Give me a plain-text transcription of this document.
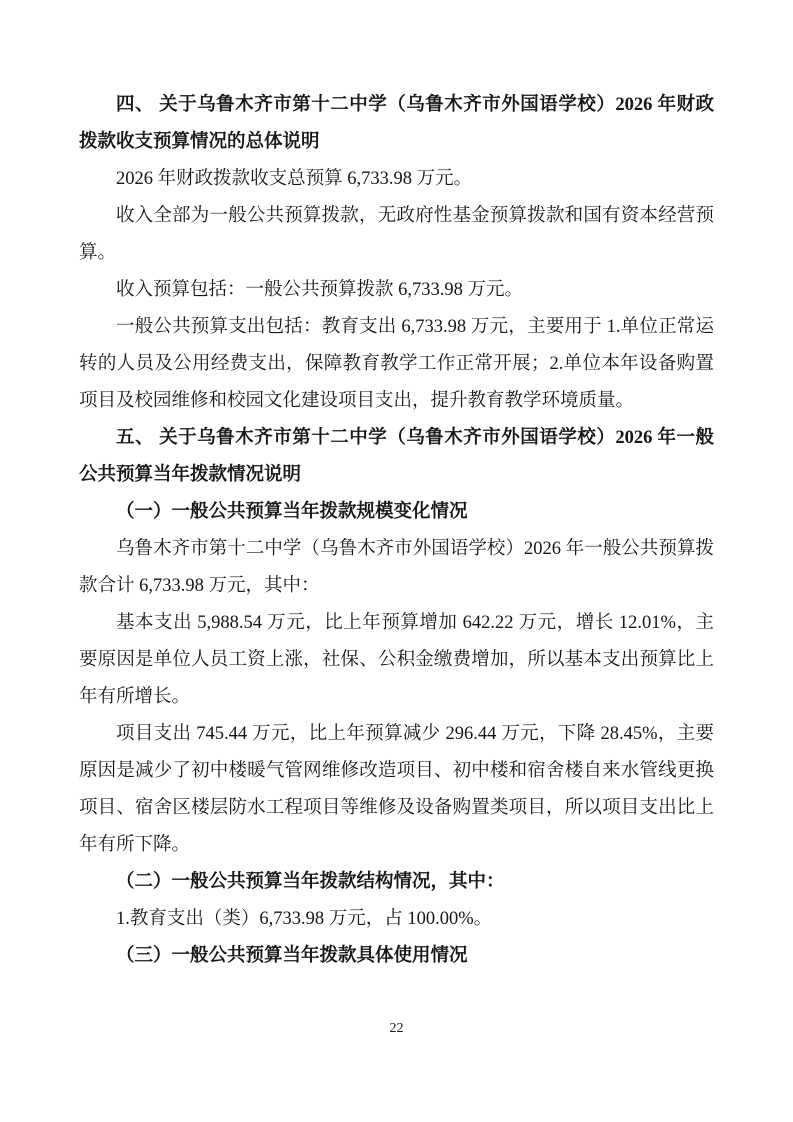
四、 关于乌鲁木齐市第十二中学（乌鲁木齐市外国语学校）2026 年财政拨款收支预算情况的总体说明
2026 年财政拨款收支总预算 6,733.98 万元。
收入全部为一般公共预算拨款，无政府性基金预算拨款和国有资本经营预算。
收入预算包括：一般公共预算拨款 6,733.98 万元。
一般公共预算支出包括：教育支出 6,733.98 万元，主要用于 1.单位正常运转的人员及公用经费支出，保障教育教学工作正常开展；2.单位本年设备购置项目及校园维修和校园文化建设项目支出，提升教育教学环境质量。
五、 关于乌鲁木齐市第十二中学（乌鲁木齐市外国语学校）2026 年一般公共预算当年拨款情况说明
（一）一般公共预算当年拨款规模变化情况
乌鲁木齐市第十二中学（乌鲁木齐市外国语学校）2026 年一般公共预算拨款合计 6,733.98 万元，其中：
基本支出 5,988.54 万元，比上年预算增加 642.22 万元，增长 12.01%，主要原因是单位人员工资上涨，社保、公积金缴费增加，所以基本支出预算比上年有所增长。
项目支出 745.44 万元，比上年预算减少 296.44 万元，下降 28.45%，主要原因是减少了初中楼暖气管网维修改造项目、初中楼和宿舍楼自来水管线更换项目、宿舍区楼层防水工程项目等维修及设备购置类项目，所以项目支出比上年有所下降。
（二）一般公共预算当年拨款结构情况，其中：
1.教育支出（类）6,733.98 万元，占 100.00%。
（三）一般公共预算当年拨款具体使用情况
22
